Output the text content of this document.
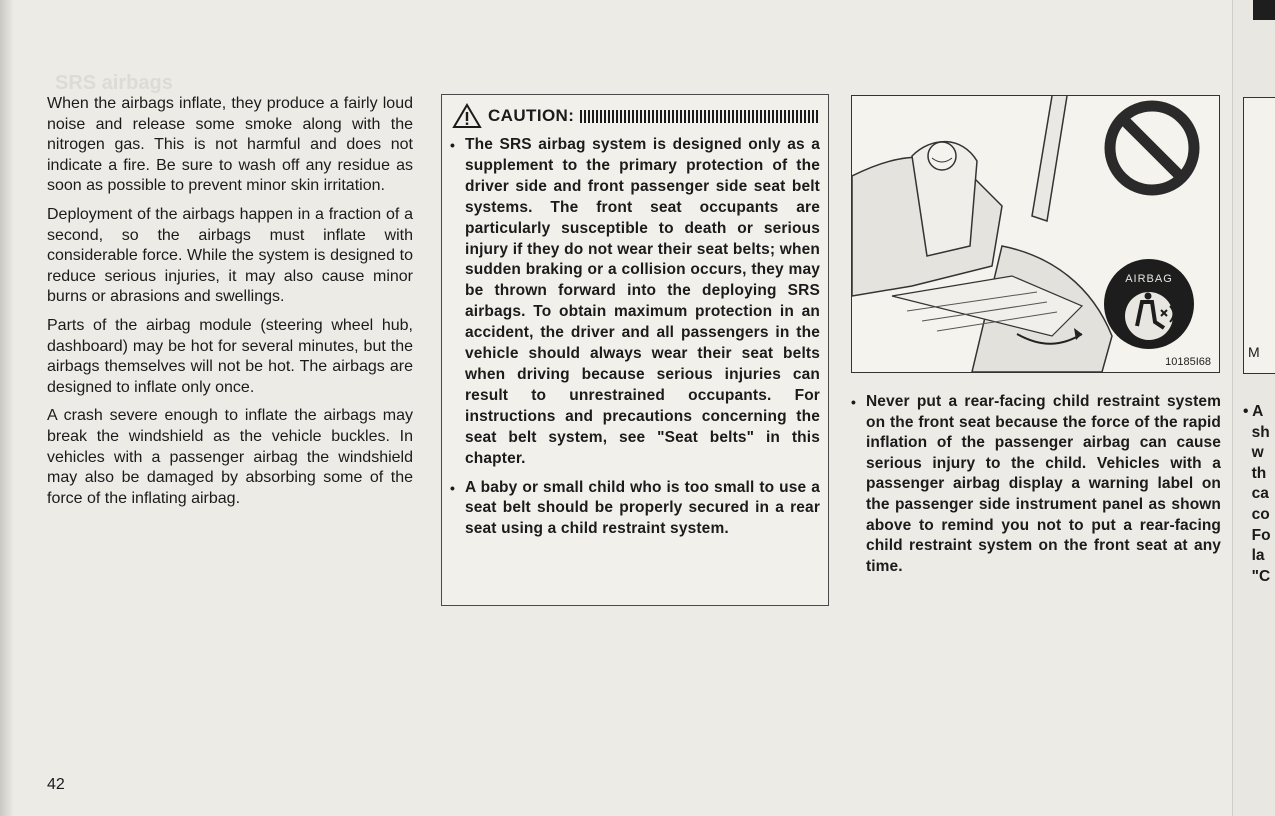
SRS airbags

When the airbags inflate, they produce a fairly loud noise and release some smoke along with the nitrogen gas. This is not harmful and does not indicate a fire. Be sure to wash off any residue as soon as possible to prevent minor skin irritation.

Deployment of the airbags happen in a fraction of a second, so the airbags must inflate with considerable force. While the system is designed to reduce serious injuries, it may also cause minor burns or abrasions and swellings.

Parts of the airbag module (steering wheel hub, dashboard) may be hot for several minutes, but the airbags themselves will not be hot. The airbags are designed to inflate only once.

A crash severe enough to inflate the airbags may break the windshield as the vehicle buckles. In vehicles with a passenger airbag the windshield may also be damaged by absorbing some of the force of the inflating airbag.

CAUTION:
• The SRS airbag system is designed only as a supplement to the primary protection of the driver side and front passenger side seat belt systems. The front seat occupants are particularly susceptible to death or serious injury if they do not wear their seat belts; when sudden braking or a collision occurs, they may be thrown forward into the deploying SRS airbags. To obtain maximum protection in an accident, the driver and all passengers in the vehicle should always wear their seat belts when driving because serious injuries can result to unrestrained occupants. For instructions and precautions concerning the seat belt system, see "Seat belts" in this chapter.
• A baby or small child who is too small to use a seat belt should be properly secured in a rear seat using a child restraint system.
AIRBAG
10185I68
• Never put a rear-facing child restraint system on the front seat because the force of the rapid inflation of the passenger airbag can cause serious injury to the child. Vehicles with a passenger airbag display a warning label on the passenger side instrument panel as shown above to remind you not to put a rear-facing child restraint system on the front seat at any time.
42
M
• A
sh
w
th
ca
co
Fo
la
"C
